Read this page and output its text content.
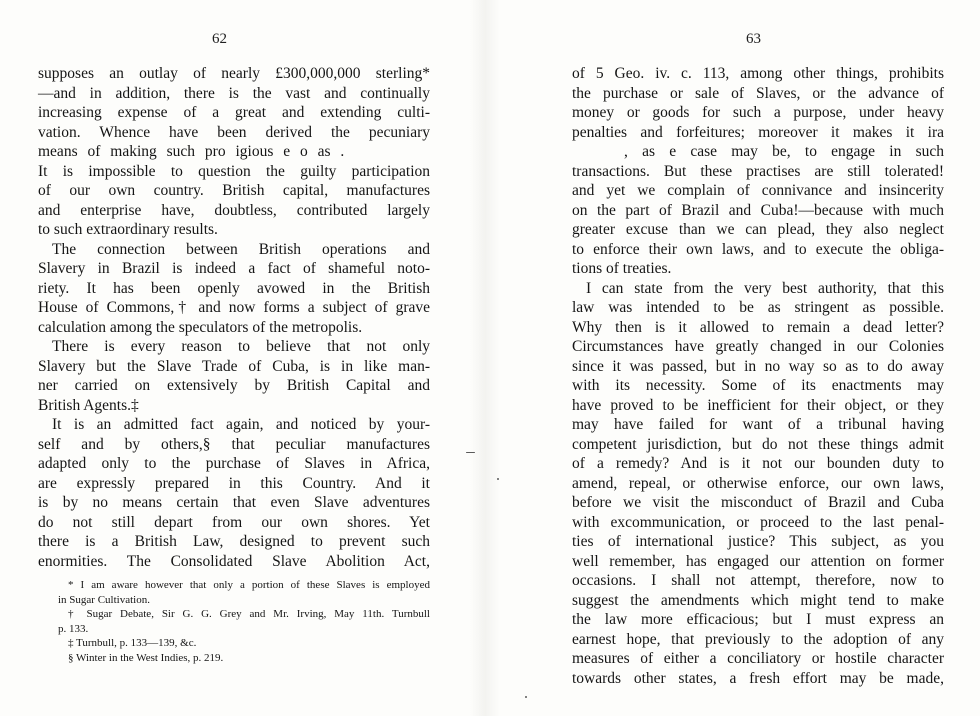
62
supposes an outlay of nearly £300,000,000 sterling*
—and in addition, there is the vast and continually
increasing expense of a great and extending culti-
vation. Whence have been derived the pecuniary
means of making such pro igious e o as .
It is impossible to question the guilty participation
of our own country. British capital, manufactures
and enterprise have, doubtless, contributed largely
to such extraordinary results.
The connection between British operations and
Slavery in Brazil is indeed a fact of shameful noto-
riety. It has been openly avowed in the British
House of Commons,† and now forms a subject of grave
calculation among the speculators of the metropolis.
There is every reason to believe that not only
Slavery but the Slave Trade of Cuba, is in like man-
ner carried on extensively by British Capital and
British Agents.‡
It is an admitted fact again, and noticed by your-
self and by others,§ that peculiar manufactures
adapted only to the purchase of Slaves in Africa,
are expressly prepared in this Country. And it
is by no means certain that even Slave adventures
do not still depart from our own shores. Yet
there is a British Law, designed to prevent such
enormities. The Consolidated Slave Abolition Act,
* I am aware however that only a portion of these Slaves is employed
in Sugar Cultivation.
† Sugar Debate, Sir G. G. Grey and Mr. Irving, May 11th. Turnbull
p. 133.
‡ Turnbull, p. 133—139, &c.
§ Winter in the West Indies, p. 219.
63
of 5 Geo. iv. c. 113, among other things, prohibits
the purchase or sale of Slaves, or the advance of
money or goods for such a purpose, under heavy
penalties and forfeitures; moreover it makes it ira
, as e case may be, to engage in such
transactions. But these practises are still tolerated!
and yet we complain of connivance and insincerity
on the part of Brazil and Cuba!—because with much
greater excuse than we can plead, they also neglect
to enforce their own laws, and to execute the obliga-
tions of treaties.
I can state from the very best authority, that this
law was intended to be as stringent as possible.
Why then is it allowed to remain a dead letter?
Circumstances have greatly changed in our Colonies
since it was passed, but in no way so as to do away
with its necessity. Some of its enactments may
have proved to be inefficient for their object, or they
may have failed for want of a tribunal having
competent jurisdiction, but do not these things admit
of a remedy? And is it not our bounden duty to
amend, repeal, or otherwise enforce, our own laws,
before we visit the misconduct of Brazil and Cuba
with excommunication, or proceed to the last penal-
ties of international justice? This subject, as you
well remember, has engaged our attention on former
occasions. I shall not attempt, therefore, now to
suggest the amendments which might tend to make
the law more efficacious; but I must express an
earnest hope, that previously to the adoption of any
measures of either a conciliatory or hostile character
towards other states, a fresh effort may be made,
